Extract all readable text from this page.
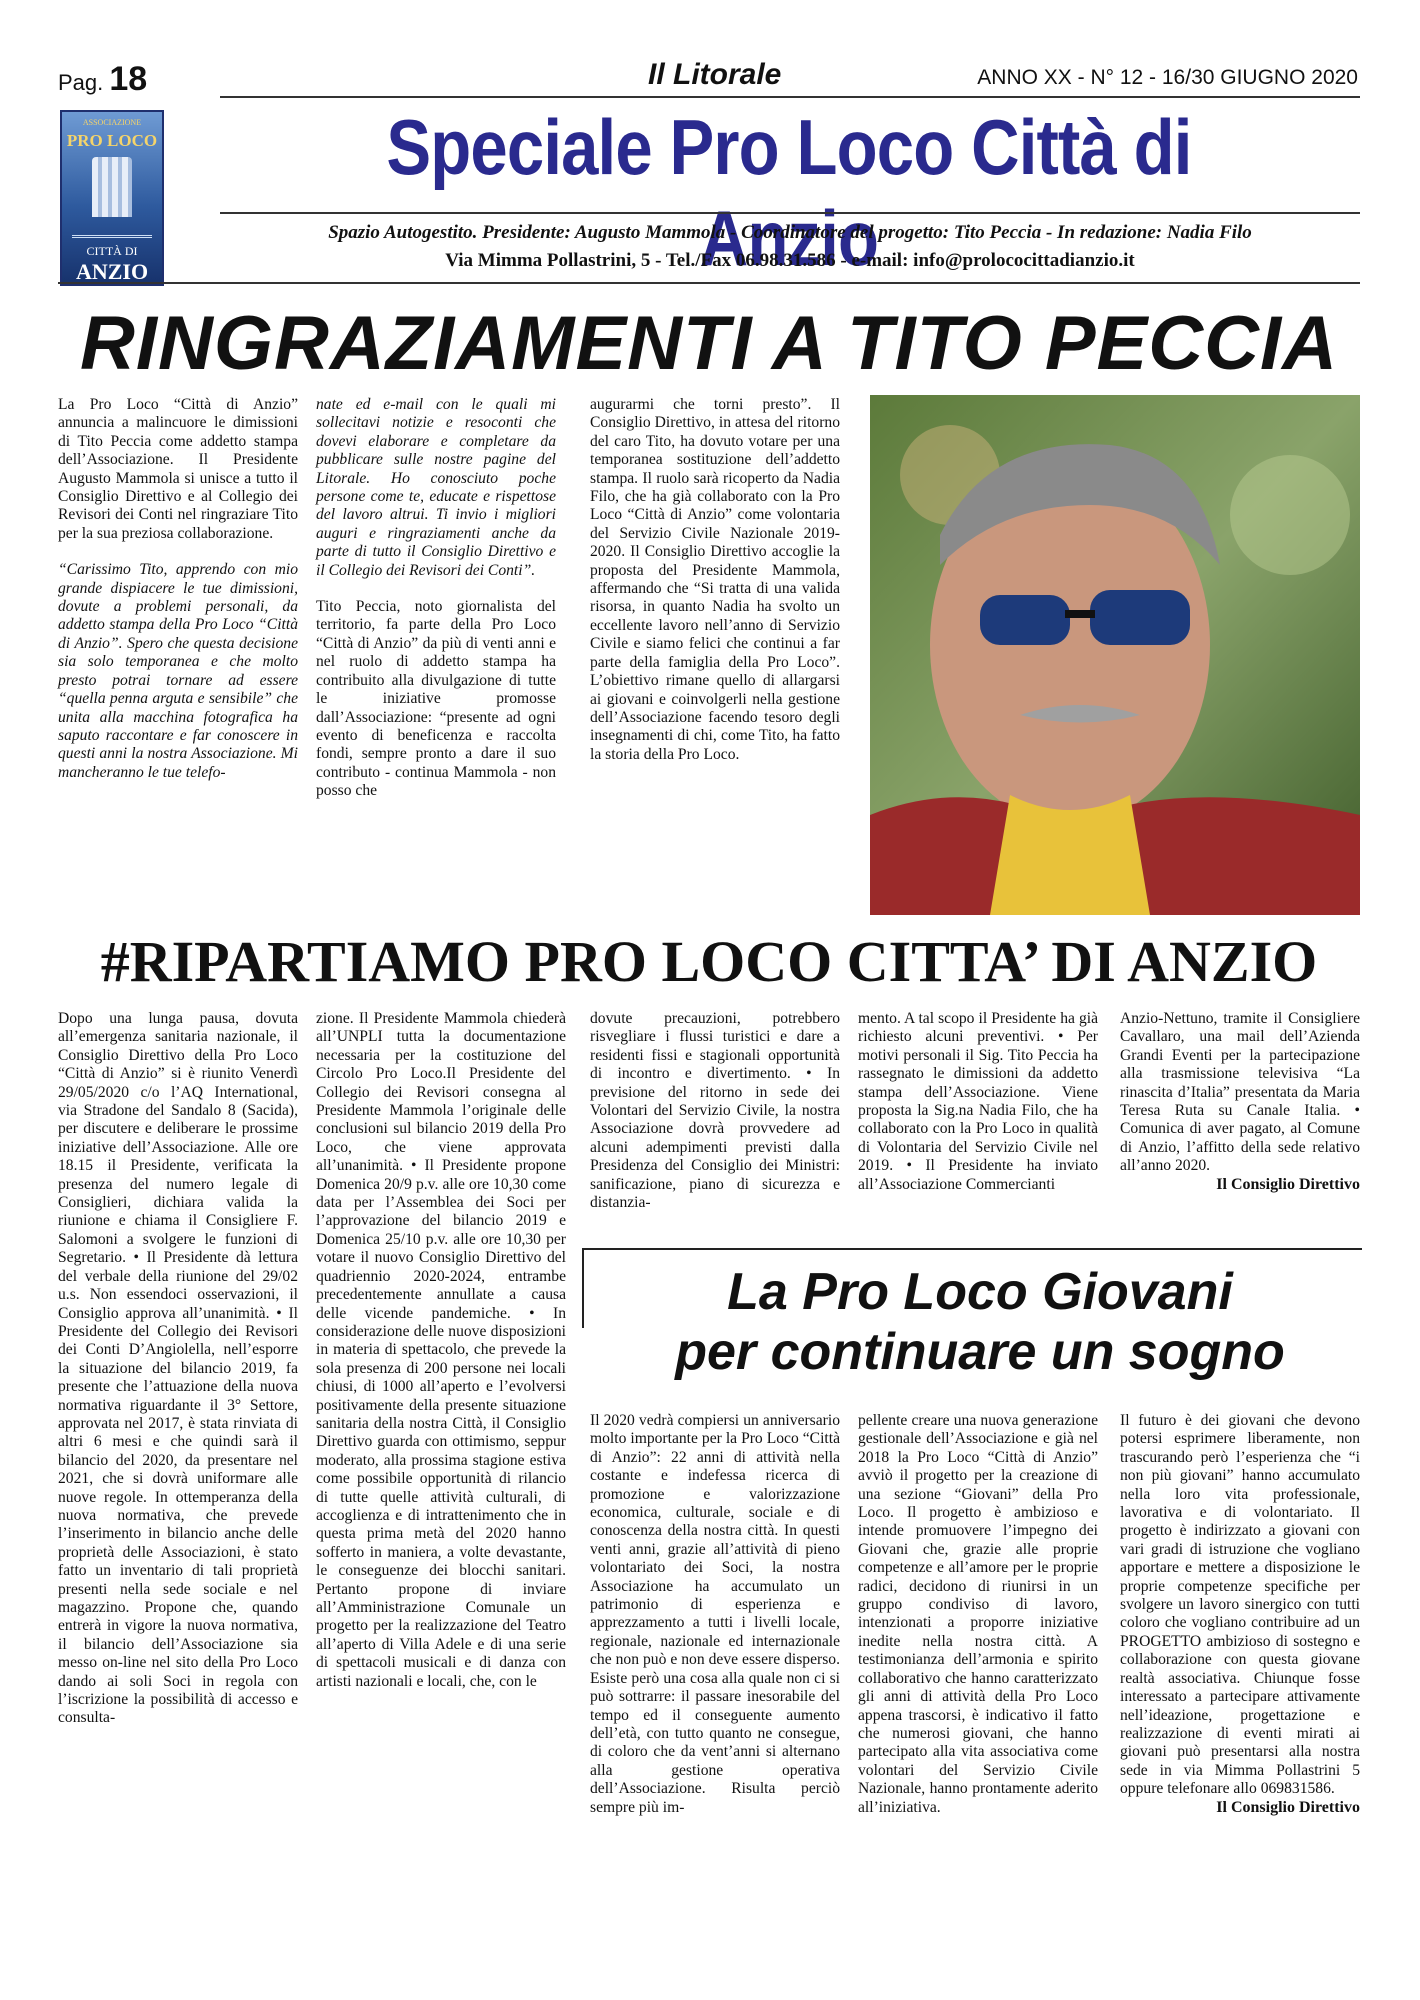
Pag. 18	Il Litorale	ANNO XX - N° 12 - 16/30 GIUGNO 2020
ASSOCIAZIONE
PRO LOCO
CITTÀ DI
ANZIO
Speciale Pro Loco Città di Anzio
Spazio Autogestito. Presidente: Augusto Mammola - Coordinatore del progetto: Tito Peccia - In redazione: Nadia Filo
Via Mimma Pollastrini, 5 - Tel./Fax 06.98.31.586 - e-mail: info@prolococittadianzio.it
RINGRAZIAMENTI A TITO PECCIA

La Pro Loco “Città di Anzio” annuncia a malincuore le dimissioni di Tito Peccia come addetto stampa dell’Associazione. Il Presidente Augusto Mammola si unisce a tutto il Consiglio Direttivo e al Collegio dei Revisori dei Conti nel ringraziare Tito per la sua preziosa collaborazione.

“Carissimo Tito, apprendo con mio grande dispiacere le tue dimissioni, dovute a problemi personali, da addetto stampa della Pro Loco “Città di Anzio”. Spero che questa decisione sia solo temporanea e che molto presto potrai tornare ad essere “quella penna arguta e sensibile” che unita alla macchina fotografica ha saputo raccontare e far conoscere in questi anni la nostra Associazione. Mi mancheranno le tue telefo-

nate ed e-mail con le quali mi sollecitavi notizie e resoconti che dovevi elaborare e completare da pubblicare sulle nostre pagine del Litorale. Ho conosciuto poche persone come te, educate e rispettose del lavoro altrui. Ti invio i migliori auguri e ringraziamenti anche da parte di tutto il Consiglio Direttivo e il Collegio dei Revisori dei Conti”.

Tito Peccia, noto giornalista del territorio, fa parte della Pro Loco “Città di Anzio” da più di venti anni e nel ruolo di addetto stampa ha contribuito alla divulgazione di tutte le iniziative promosse dall’Associazione: “presente ad ogni evento di beneficenza e raccolta fondi, sempre pronto a dare il suo contributo - continua Mammola - non posso che

augurarmi che torni presto”. Il Consiglio Direttivo, in attesa del ritorno del caro Tito, ha dovuto votare per una temporanea sostituzione dell’addetto stampa. Il ruolo sarà ricoperto da Nadia Filo, che ha già collaborato con la Pro Loco “Città di Anzio” come volontaria del Servizio Civile Nazionale 2019-2020. Il Consiglio Direttivo accoglie la proposta del Presidente Mammola, affermando che “Si tratta di una valida risorsa, in quanto Nadia ha svolto un eccellente lavoro nell’anno di Servizio Civile e siamo felici che continui a far parte della famiglia della Pro Loco”. L’obiettivo rimane quello di allargarsi ai giovani e coinvolgerli nella gestione dell’Associazione facendo tesoro degli insegnamenti di chi, come Tito, ha fatto la storia della Pro Loco.

#RIPARTIAMO PRO LOCO CITTA’ DI ANZIO
Dopo una lunga pausa, dovuta all’emergenza sanitaria nazionale, il Consiglio Direttivo della Pro Loco “Città di Anzio” si è riunito Venerdì 29/05/2020 c/o l’AQ International, via Stradone del Sandalo 8 (Sacida), per discutere e deliberare le prossime iniziative dell’Associazione. Alle ore 18.15 il Presidente, verificata la presenza del numero legale di Consiglieri, dichiara valida la riunione e chiama il Consigliere F. Salomoni a svolgere le funzioni di Segretario. • Il Presidente dà lettura del verbale della riunione del 29/02 u.s. Non essendoci osservazioni, il Consiglio approva all’unanimità. • Il Presidente del Collegio dei Revisori dei Conti D’Angiolella, nell’esporre la situazione del bilancio 2019, fa presente che l’attuazione della nuova normativa riguardante il 3° Settore, approvata nel 2017, è stata rinviata di altri 6 mesi e che quindi sarà il bilancio del 2020, da presentare nel 2021, che si dovrà uniformare alle nuove regole. In ottemperanza della nuova normativa, che prevede l’inserimento in bilancio anche delle proprietà delle Associazioni, è stato fatto un inventario di tali proprietà presenti nella sede sociale e nel magazzino. Propone che, quando entrerà in vigore la nuova normativa, il bilancio dell’Associazione sia messo on-line nel sito della Pro Loco dando ai soli Soci in regola con l’iscrizione la possibilità di accesso e consulta-
zione. Il Presidente Mammola chiederà all’UNPLI tutta la documentazione necessaria per la costituzione del Circolo Pro Loco.Il Presidente del Collegio dei Revisori consegna al Presidente Mammola l’originale delle conclusioni sul bilancio 2019 della Pro Loco, che viene approvata all’unanimità. • Il Presidente propone Domenica 20/9 p.v. alle ore 10,30 come data per l’Assemblea dei Soci per l’approvazione del bilancio 2019 e Domenica 25/10 p.v. alle ore 10,30 per votare il nuovo Consiglio Direttivo del quadriennio 2020-2024, entrambe precedentemente annullate a causa delle vicende pandemiche. • In considerazione delle nuove disposizioni in materia di spettacolo, che prevede la sola presenza di 200 persone nei locali chiusi, di 1000 all’aperto e l’evolversi positivamente della presente situazione sanitaria della nostra Città, il Consiglio Direttivo guarda con ottimismo, seppur moderato, alla prossima stagione estiva come possibile opportunità di rilancio di tutte quelle attività culturali, di accoglienza e di intrattenimento che in questa prima metà del 2020 hanno sofferto in maniera, a volte devastante, le conseguenze dei blocchi sanitari. Pertanto propone di inviare all’Amministrazione Comunale un progetto per la realizzazione del Teatro all’aperto di Villa Adele e di una serie di spettacoli musicali e di danza con artisti nazionali e locali, che, con le
dovute precauzioni, potrebbero risvegliare i flussi turistici e dare a residenti fissi e stagionali opportunità di incontro e divertimento. • In previsione del ritorno in sede dei Volontari del Servizio Civile, la nostra Associazione dovrà provvedere ad alcuni adempimenti previsti dalla Presidenza del Consiglio dei Ministri: sanificazione, piano di sicurezza e distanzia-
mento. A tal scopo il Presidente ha già richiesto alcuni preventivi. • Per motivi personali il Sig. Tito Peccia ha rassegnato le dimissioni da addetto stampa dell’Associazione. Viene proposta la Sig.na Nadia Filo, che ha collaborato con la Pro Loco in qualità di Volontaria del Servizio Civile nel 2019. • Il Presidente ha inviato all’Associazione Commercianti

Anzio-Nettuno, tramite il Consigliere Cavallaro, una mail dell’Azienda Grandi Eventi per la partecipazione alla trasmissione televisiva “La rinascita d’Italia” presentata da Maria Teresa Ruta su Canale Italia. • Comunica di aver pagato, al Comune di Anzio, l’affitto della sede relativo all’anno 2020.

Il Consiglio Direttivo

La Pro Loco Giovani
per continuare un sogno
Il 2020 vedrà compiersi un anniversario molto importante per la Pro Loco “Città di Anzio”: 22 anni di attività nella costante e indefessa ricerca di promozione e valorizzazione economica, culturale, sociale e di conoscenza della nostra città. In questi venti anni, grazie all’attività di pieno volontariato dei Soci, la nostra Associazione ha accumulato un patrimonio di esperienza e apprezzamento a tutti i livelli locale, regionale, nazionale ed internazionale che non può e non deve essere disperso. Esiste però una cosa alla quale non ci si può sottrarre: il passare inesorabile del tempo ed il conseguente aumento dell’età, con tutto quanto ne consegue, di coloro che da vent’anni si alternano alla gestione operativa dell’Associazione. Risulta perciò sempre più im-
pellente creare una nuova generazione gestionale dell’Associazione e già nel 2018 la Pro Loco “Città di Anzio” avviò il progetto per la creazione di una sezione “Giovani” della Pro Loco. Il progetto è ambizioso e intende promuovere l’impegno dei Giovani che, grazie alle proprie competenze e all’amore per le proprie radici, decidono di riunirsi in un gruppo condiviso di lavoro, intenzionati a proporre iniziative inedite nella nostra città. A testimonianza dell’armonia e spirito collaborativo che hanno caratterizzato gli anni di attività della Pro Loco appena trascorsi, è indicativo il fatto che numerosi giovani, che hanno partecipato alla vita associativa come volontari del Servizio Civile Nazionale, hanno prontamente aderito all’iniziativa.

Il futuro è dei giovani che devono potersi esprimere liberamente, non trascurando però l’esperienza che “i non più giovani” hanno accumulato nella loro vita professionale, lavorativa e di volontariato. Il progetto è indirizzato a giovani con vari gradi di istruzione che vogliano apportare e mettere a disposizione le proprie competenze specifiche per svolgere un lavoro sinergico con tutti coloro che vogliano contribuire ad un PROGETTO ambizioso di sostegno e collaborazione con questa giovane realtà associativa. Chiunque fosse interessato a partecipare attivamente nell’ideazione, progettazione e realizzazione di eventi mirati ai giovani può presentarsi alla nostra sede in via Mimma Pollastrini 5 oppure telefonare allo 069831586.

Il Consiglio Direttivo
